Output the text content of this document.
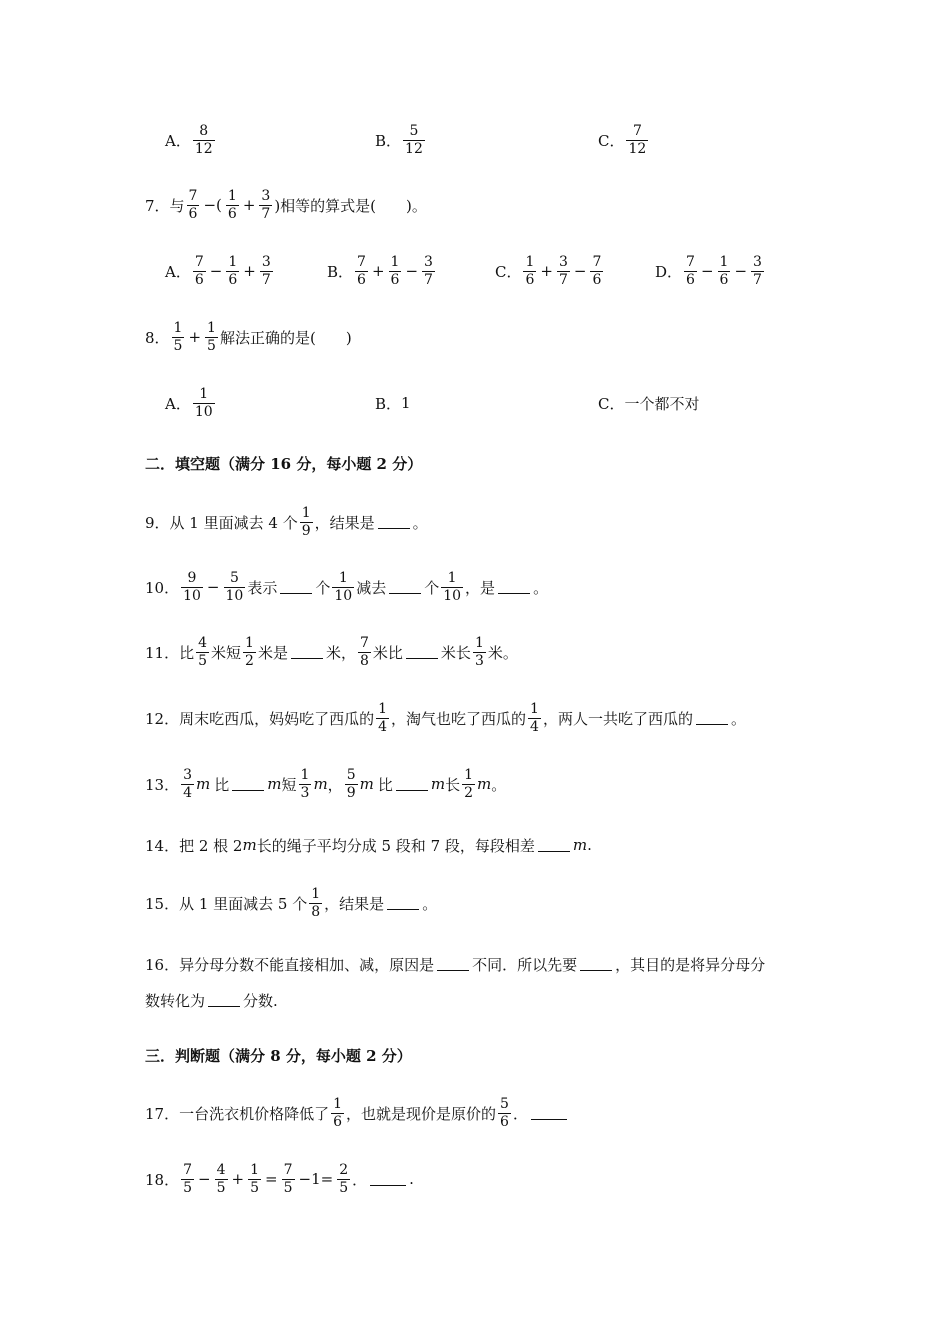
A． $\frac{8}{12}$	B． $\frac{5}{12}$	C． $\frac{7}{12}$
7．与 $\frac{7}{6}$ −( $\frac{1}{6} + \frac{3}{7}$ )相等的算式是(　　)。
A． $\frac{7}{6} - \frac{1}{6} + \frac{3}{7}$	B． $\frac{7}{6} + \frac{1}{6} - \frac{3}{7}$	C． $\frac{1}{6} + \frac{3}{7} - \frac{7}{6}$	D． $\frac{7}{6} - \frac{1}{6} - \frac{3}{7}$
8． $\frac{1}{5} + \frac{1}{5}$ 解法正确的是(　　)
A． $\frac{1}{10}$	B． 1	C． 一个都不对
二．填空题（满分 16 分，每小题 2 分）
9．从 1 里面减去 4 个 $\frac{1}{9}$ ，结果是	。
10． $\frac{9}{10} - \frac{5}{10}$ 表示	个 $\frac{1}{10}$ 减去	个 $\frac{1}{10}$ ，是	。
11．比 $\frac{4}{5}$ 米短 $\frac{1}{2}$ 米是	米， $\frac{7}{8}$ 米比	米长 $\frac{1}{3}$ 米。
12．周末吃西瓜，妈妈吃了西瓜的 $\frac{1}{4}$ ，淘气也吃了西瓜的 $\frac{1}{4}$ ，两人一共吃了西瓜的	。
13． $\frac{3}{4}$ m 比	m 短 $\frac{1}{3}$ m ， $\frac{5}{9}$ m 比	m 长 $\frac{1}{2}$ m 。
14．把 2 根 2 m 长的绳子平均分成 5 段和 7 段，每段相差	m .
15．从 1 里面减去 5 个 $\frac{1}{8}$ ，结果是	。
16．异分母分数不能直接相加、减，原因是	不同．所以先要	，其目的是将异分母分
数转化为	分数.
三．判断题（满分 8 分，每小题 2 分）
17．一台洗衣机价格降低了 $\frac{1}{6}$ ，也就是现价是原价的 $\frac{5}{6}$ ．
18． $\frac{7}{5} - \frac{4}{5} + \frac{1}{5} = \frac{7}{5} -1= \frac{2}{5}$ ．	.
